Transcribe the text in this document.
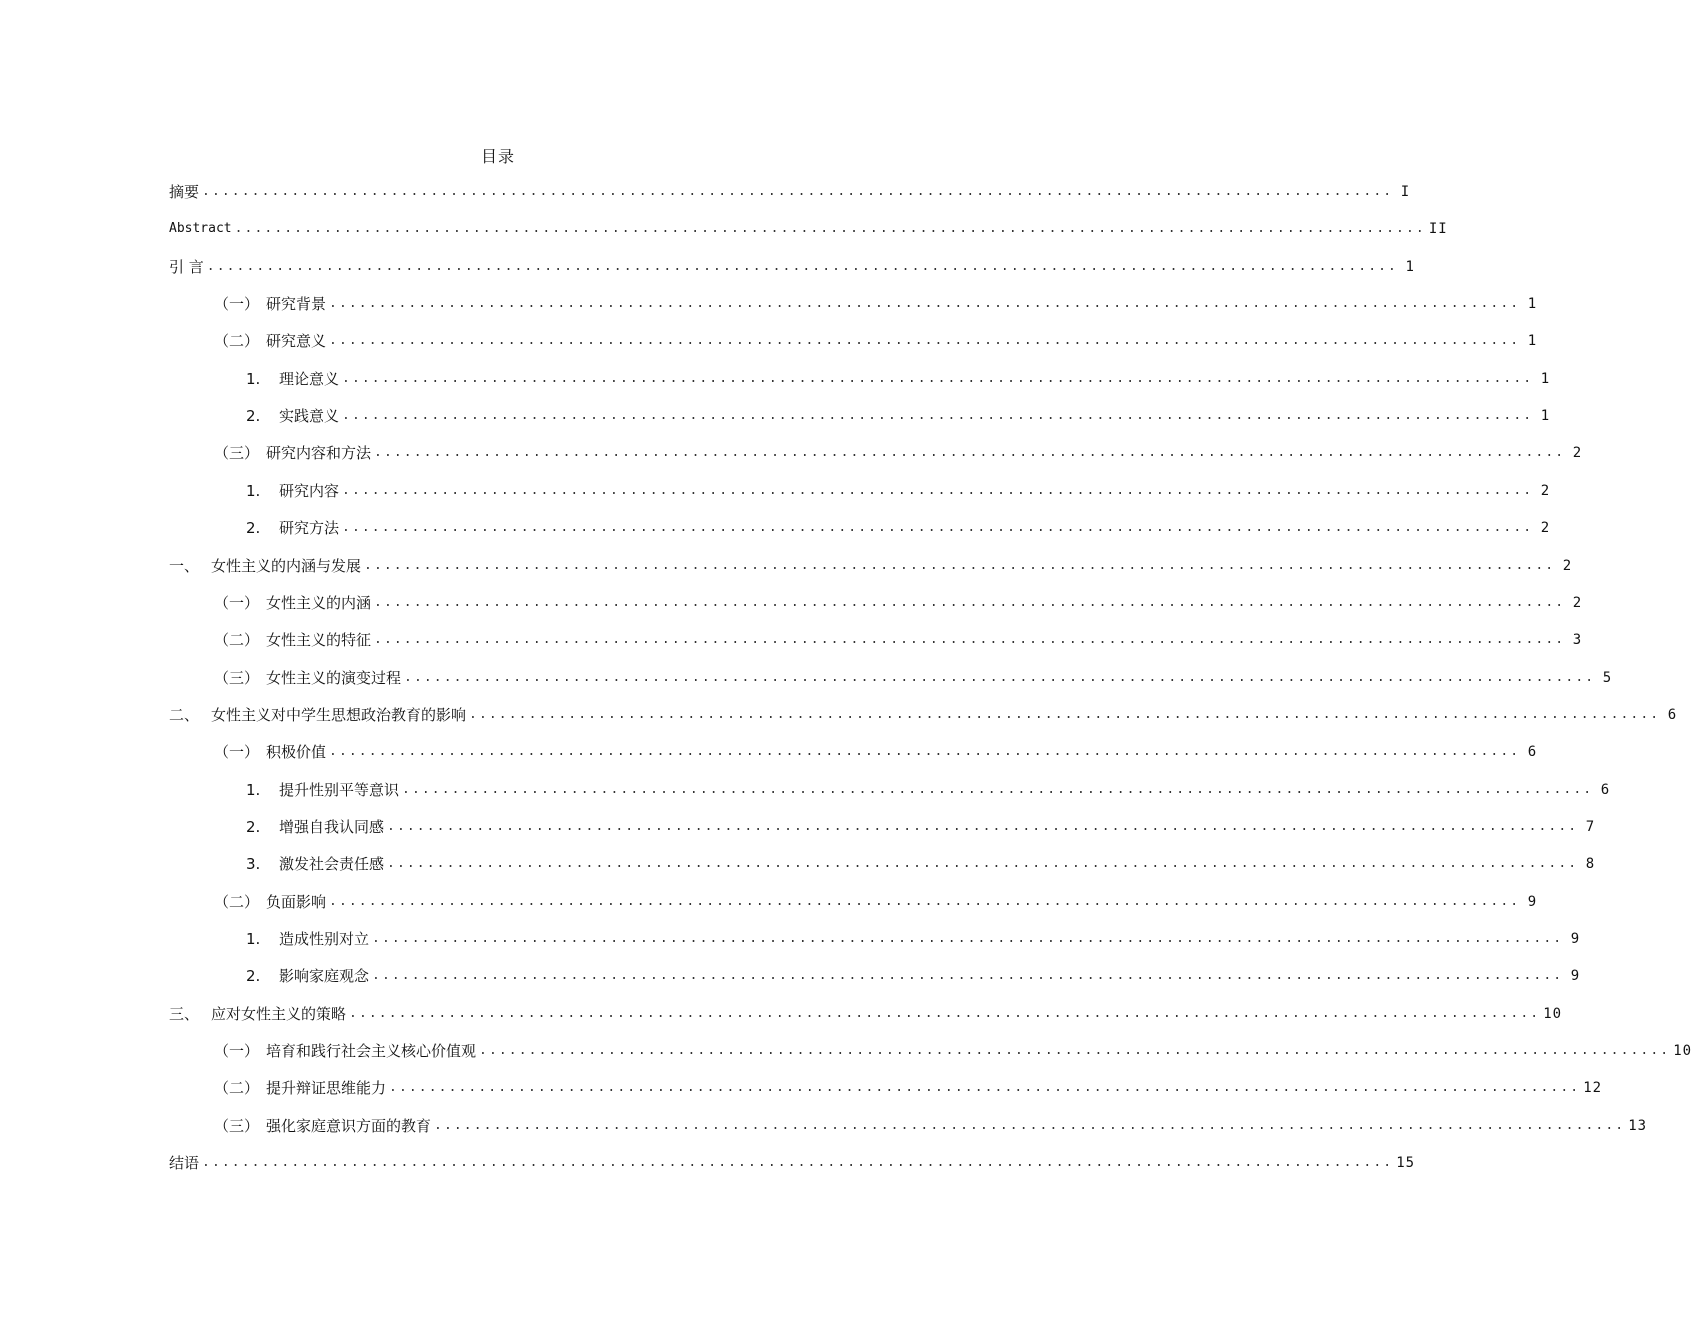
目录
摘要 ........................................................................................................................ I
Abstract ........................................................................................................................ II
引 言 ........................................................................................................................ 1
（一） 研究背景 ........................................................................................................................ 1
（二） 研究意义 ........................................................................................................................ 1
1.	理论意义 ........................................................................................................................ 1
2.	实践意义 ........................................................................................................................ 1
（三） 研究内容和方法 ........................................................................................................................ 2
1.	研究内容 ........................................................................................................................ 2
2.	研究方法 ........................................................................................................................ 2
一、 女性主义的内涵与发展 ........................................................................................................................ 2
（一） 女性主义的内涵 ........................................................................................................................ 2
（二） 女性主义的特征 ........................................................................................................................ 3
（三） 女性主义的演变过程 ........................................................................................................................ 5
二、 女性主义对中学生思想政治教育的影响 ........................................................................................................................ 6
（一） 积极价值 ........................................................................................................................ 6
1.	提升性别平等意识 ........................................................................................................................ 6
2.	增强自我认同感 ........................................................................................................................ 7
3.	激发社会责任感 ........................................................................................................................ 8
（二） 负面影响 ........................................................................................................................ 9
1.	造成性别对立 ........................................................................................................................ 9
2.	影响家庭观念 ........................................................................................................................ 9
三、 应对女性主义的策略 ........................................................................................................................ 10
（一） 培育和践行社会主义核心价值观 ........................................................................................................................ 10
（二） 提升辩证思维能力 ........................................................................................................................ 12
（三） 强化家庭意识方面的教育 ........................................................................................................................ 13
结语 ........................................................................................................................ 15
